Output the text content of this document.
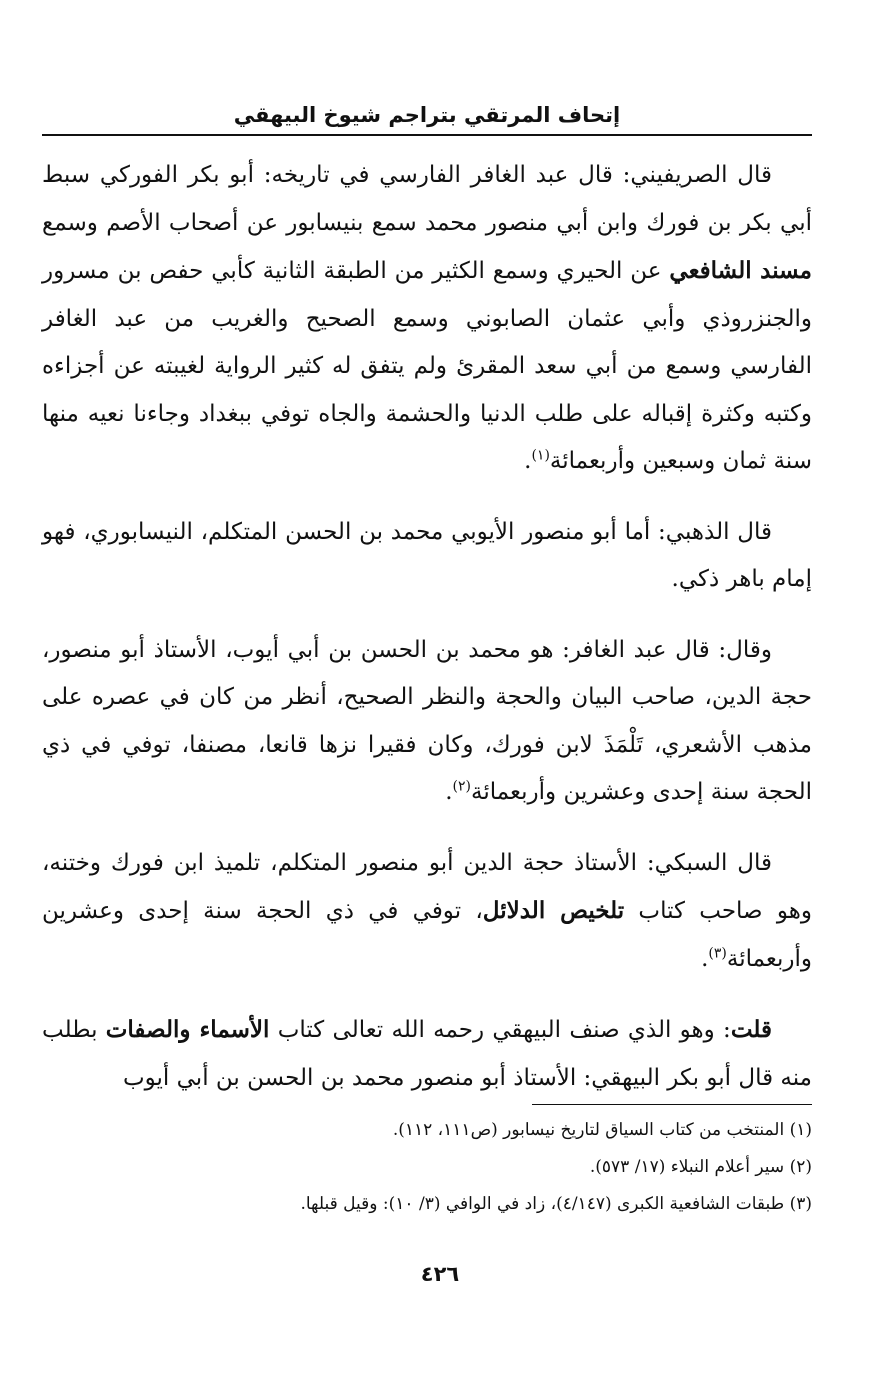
إتحاف المرتقي بتراجم شيوخ البيهقي

قال الصريفيني: قال عبد الغافر الفارسي في تاريخه: أبو بكر الفوركي سبط أبي بكر بن فورك وابن أبي منصور محمد سمع بنيسابور عن أصحاب الأصم وسمع مسند الشافعي عن الحيري وسمع الكثير من الطبقة الثانية كأبي حفص بن مسرور والجنزروذي وأبي عثمان الصابوني وسمع الصحيح والغريب من عبد الغافر الفارسي وسمع من أبي سعد المقرئ ولم يتفق له كثير الرواية لغيبته عن أجزاءه وكتبه وكثرة إقباله على طلب الدنيا والحشمة والجاه توفي ببغداد وجاءنا نعيه منها سنة ثمان وسبعين وأربعمائة$^{(١)}$.

قال الذهبي: أما أبو منصور الأيوبي محمد بن الحسن المتكلم، النيسابوري، فهو إمام باهر ذكي.

وقال: قال عبد الغافر: هو محمد بن الحسن بن أبي أيوب، الأستاذ أبو منصور، حجة الدين، صاحب البيان والحجة والنظر الصحيح، أنظر من كان في عصره على مذهب الأشعري، تَلْمَذَ لابن فورك، وكان فقيرا نزها قانعا، مصنفا، توفي في ذي الحجة سنة إحدى وعشرين وأربعمائة$^{(٢)}$.

قال السبكي: الأستاذ حجة الدين أبو منصور المتكلم، تلميذ ابن فورك وختنه، وهو صاحب كتاب تلخيص الدلائل، توفي في ذي الحجة سنة إحدى وعشرين وأربعمائة$^{(٣)}$.

قلت: وهو الذي صنف البيهقي رحمه الله تعالى كتاب الأسماء والصفات بطلب منه قال أبو بكر البيهقي: الأستاذ أبو منصور محمد بن الحسن بن أبي أيوب

(١) المنتخب من كتاب السياق لتاريخ نيسابور (ص١١١، ١١٢).

(٢) سير أعلام النبلاء (١٧/ ٥٧٣).

(٣) طبقات الشافعية الكبرى (٤/١٤٧)، زاد في الوافي (٣/ ١٠): وقيل قبلها.

٤٢٦
